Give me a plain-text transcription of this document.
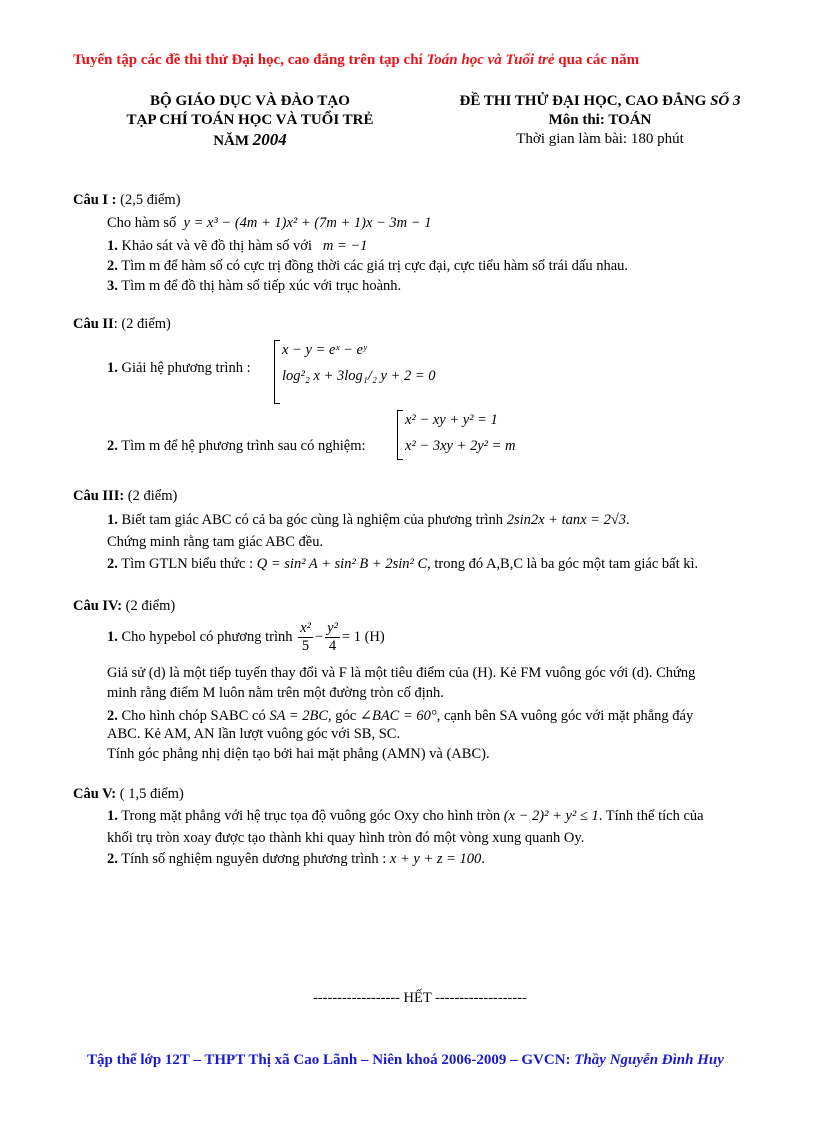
Tuyển tập các đề thi thử Đại học, cao đẳng trên tạp chí Toán học và Tuổi trẻ qua các năm
BỘ GIÁO DỤC VÀ ĐÀO TẠO
TẠP CHÍ TOÁN HỌC VÀ TUỔI TRẺ
NĂM 2004
ĐỀ THI THỬ ĐẠI HỌC, CAO ĐẲNG SỐ 3
Môn thi: TOÁN
Thời gian làm bài: 180 phút
Câu I : (2,5 điểm)
Cho hàm số y = x³ − (4m + 1)x² + (7m + 1)x − 3m − 1
1. Khảo sát và vẽ đồ thị hàm số với   m = −1
2. Tìm m để hàm số có cực trị đồng thời các giá trị cực đại, cực tiểu hàm số trái dấu nhau.
3. Tìm m để đồ thị hàm số tiếp xúc với trục hoành.
Câu II: (2 điểm)
1. Giải hệ phương trình :
x − y = eˣ − eʸ
log²₂ x + 3log₁/₂ y + 2 = 0
2. Tìm m để hệ phương trình sau có nghiệm:
x² − xy + y² = 1
x² − 3xy + 2y² = m
Câu III: (2 điểm)
1. Biết tam giác ABC có cả ba góc cùng là nghiệm của phương trình 2sin2x + tanx = 2√3.
Chứng minh rằng tam giác ABC đều.
2. Tìm GTLN biểu thức : Q = sin² A + sin² B + 2sin² C, trong đó A,B,C là ba góc một tam giác bất kì.
Câu IV: (2 điểm)
1. Cho hypebol có phương trình $\frac{\text{x²}}{5} - \frac{\text{y²}}{4} = 1$ (H)
Giả sử (d) là một tiếp tuyến thay đổi và F là một tiêu điểm của (H). Kẻ FM vuông góc với (d). Chứng
minh rằng điểm M luôn nằm trên một đường tròn cố định.
2. Cho hình chóp SABC có SA = 2BC, góc ∠BAC = 60°, cạnh bên SA vuông góc với mặt phẳng đáy
ABC. Kẻ AM, AN lần lượt vuông góc với SB, SC.
Tính góc phẳng nhị diện tạo bởi hai mặt phẳng (AMN) và (ABC).
Câu V: ( 1,5 điểm)
1. Trong mặt phẳng với hệ trục tọa độ vuông góc Oxy cho hình tròn (x − 2)² + y² ≤ 1. Tính thể tích của
khối trụ tròn xoay được tạo thành khi quay hình tròn đó một vòng xung quanh Oy.
2. Tính số nghiệm nguyên dương phương trình : x + y + z = 100.
------------------ HẾT -------------------
Tập thể lớp 12T – THPT Thị xã Cao Lãnh – Niên khoá 2006-2009 – GVCN: Thầy Nguyễn Đình Huy
